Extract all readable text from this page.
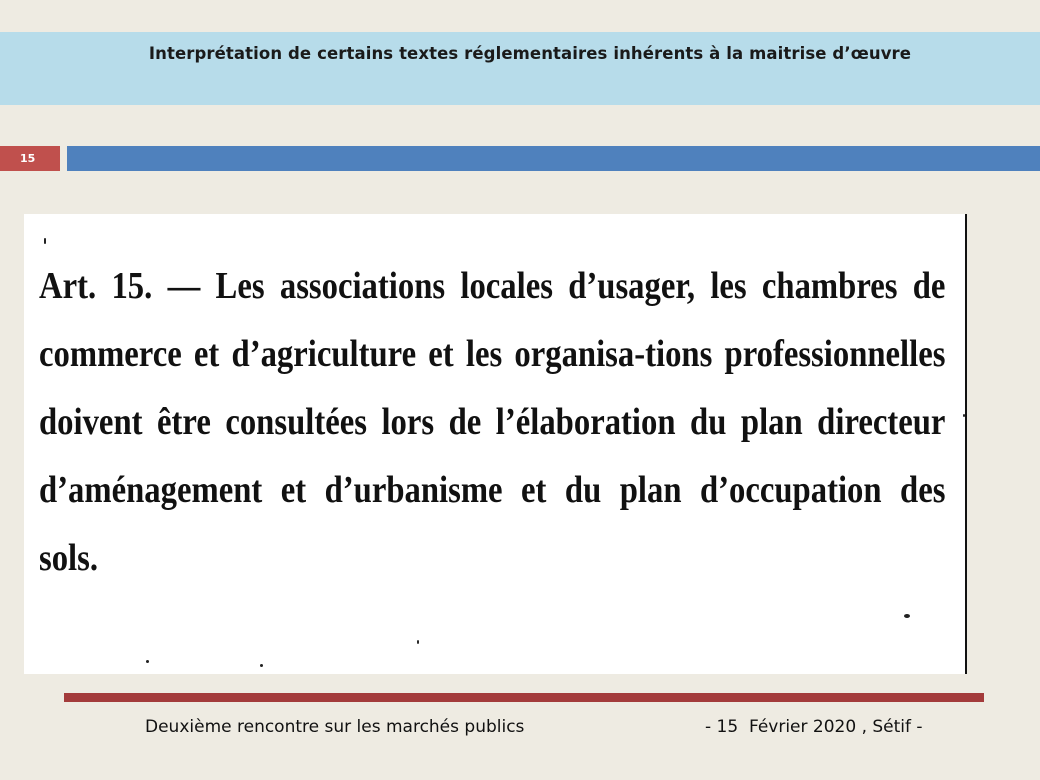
Interprétation de certains textes réglementaires inhérents à la maitrise d’œuvre
15

Art. 15. — Les associations locales d’usager, les chambres de commerce et d’agriculture et les organisa-tions professionnelles doivent être consultées lors de l’élaboration du plan directeur d’aménagement et d’urbanisme et du plan d’occupation des sols.

Deuxième rencontre sur les marchés publics	- 15  Février 2020 , Sétif -
